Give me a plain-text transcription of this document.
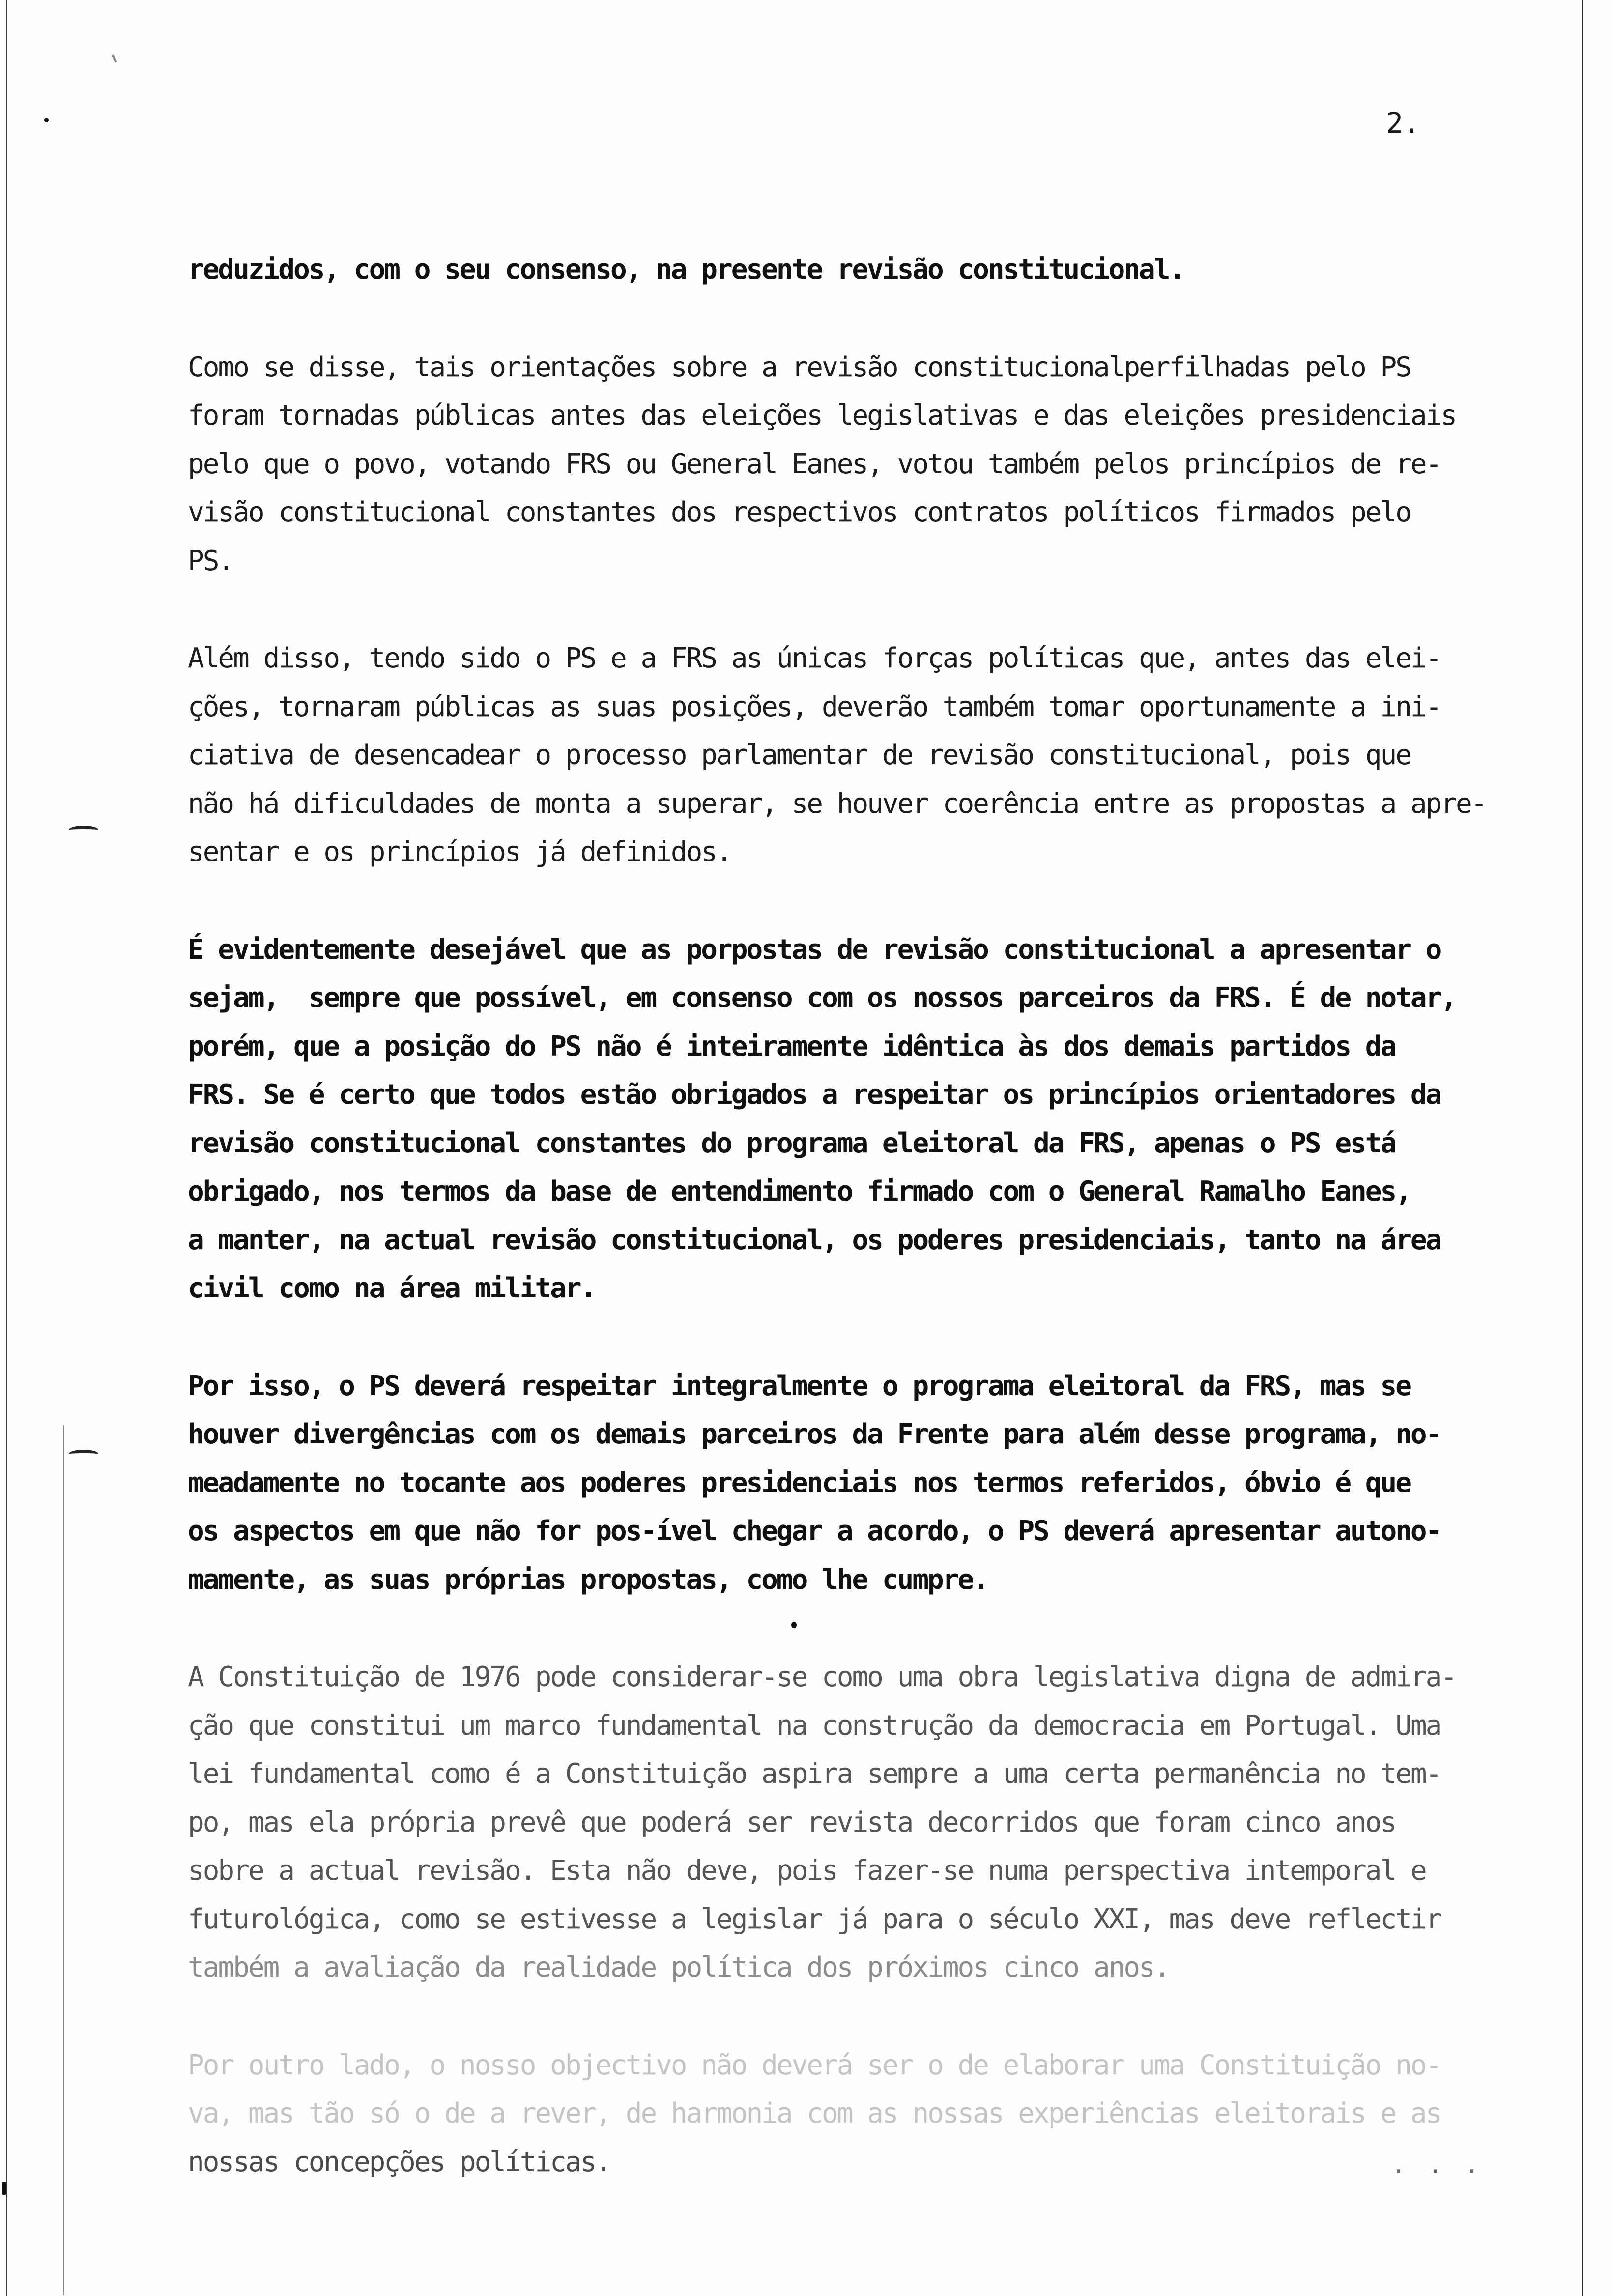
2.

reduzidos, com o seu consenso, na presente revisão constitucional.

Como se disse, tais orientações sobre a revisão constitucionalperfilhadas pelo PS
foram tornadas públicas antes das eleições legislativas e das eleições presidenciais
pelo que o povo, votando FRS ou General Eanes, votou também pelos princípios de re-
visão constitucional constantes dos respectivos contratos políticos firmados pelo
PS.

Além disso, tendo sido o PS e a FRS as únicas forças políticas que, antes das elei-
ções, tornaram públicas as suas posições, deverão também tomar oportunamente a ini-
ciativa de desencadear o processo parlamentar de revisão constitucional, pois que
não há dificuldades de monta a superar, se houver coerência entre as propostas a apre-
sentar e os princípios já definidos.

É evidentemente desejável que as porpostas de revisão constitucional a apresentar o
sejam,  sempre que possível, em consenso com os nossos parceiros da FRS. É de notar,
porém, que a posição do PS não é inteiramente idêntica às dos demais partidos da
FRS. Se é certo que todos estão obrigados a respeitar os princípios orientadores da
revisão constitucional constantes do programa eleitoral da FRS, apenas o PS está
obrigado, nos termos da base de entendimento firmado com o General Ramalho Eanes,
a manter, na actual revisão constitucional, os poderes presidenciais, tanto na área
civil como na área militar.

Por isso, o PS deverá respeitar integralmente o programa eleitoral da FRS, mas se
houver divergências com os demais parceiros da Frente para além desse programa, no-
meadamente no tocante aos poderes presidenciais nos termos referidos, óbvio é que
os aspectos em que não for pos-ível chegar a acordo, o PS deverá apresentar autono-
mamente, as suas próprias propostas, como lhe cumpre.

A Constituição de 1976 pode considerar-se como uma obra legislativa digna de admira-
ção que constitui um marco fundamental na construção da democracia em Portugal. Uma
lei fundamental como é a Constituição aspira sempre a uma certa permanência no tem-
po, mas ela própria prevê que poderá ser revista decorridos que foram cinco anos
sobre a actual revisão. Esta não deve, pois fazer-se numa perspectiva intemporal e
futurológica, como se estivesse a legislar já para o século XXI, mas deve reflectir
também a avaliação da realidade política dos próximos cinco anos.

Por outro lado, o nosso objectivo não deverá ser o de elaborar uma Constituição no-
va, mas tão só o de a rever, de harmonia com as nossas experiências eleitorais e as
nossas concepções políticas.	. . .
